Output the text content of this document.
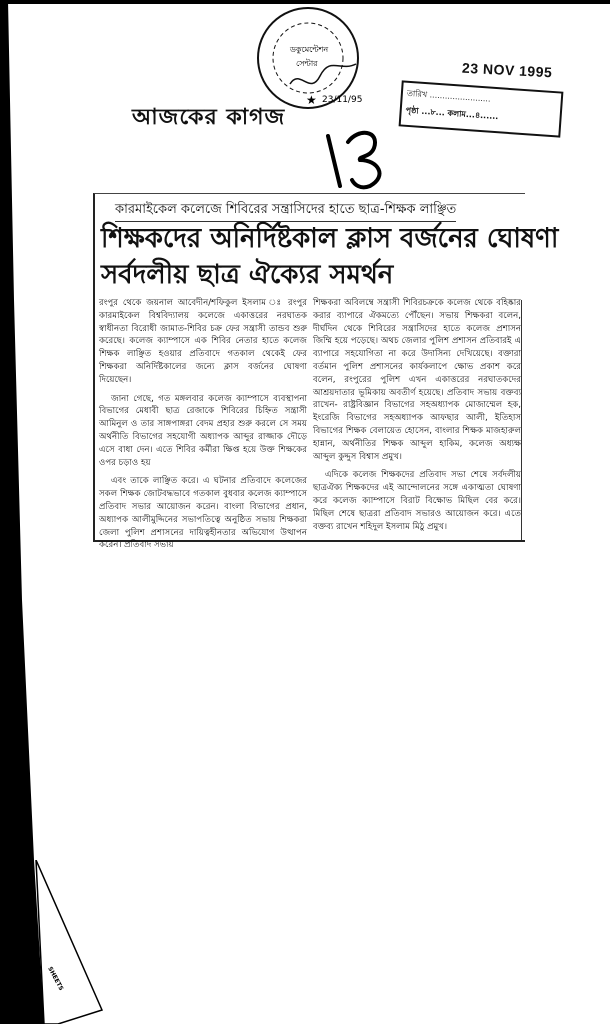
ডকুমেন্টেশন
সেন্টার
★ 23/11/95
23 NOV 1995
তারিখ ........................
পৃষ্ঠা ...৮... কলাম...৪......
আজকের কাগজ
কারমাইকেল কলেজে শিবিরের সন্ত্রাসিদের হাতে ছাত্র-শিক্ষক লাঞ্ছিত
শিক্ষকদের অনির্দিষ্টকাল ক্লাস বর্জনের ঘোষণা
সর্বদলীয় ছাত্র ঐক্যের সমর্থন

রংপুর থেকে জয়নাল আবেদীন/শফিকুল ইসলাম ঃ রংপুর কারমাইকেল বিশ্ববিদ্যালয় কলেজে একাত্তরের নরঘাতক স্বাধীনতা বিরোধী জামাত-শিবির চক্র ফের সন্ত্রাসী তান্ডব শুরু করেছে। কলেজ ক্যাম্পাসে এক শিবির নেতার হাতে কলেজ শিক্ষক লাঞ্ছিত হওয়ার প্রতিবাদে গতকাল থেকেই ফের শিক্ষকরা অনির্দিষ্টকালের জন্যে ক্লাস বর্জনের ঘোষণা দিয়েছেন।

জানা গেছে, গত মঙ্গলবার কলেজ ক্যাম্পাসে ব্যবস্থাপনা বিভাগের মেধাবী ছাত্র রেজাকে শিবিরের চিহ্নিত সন্ত্রাসী আমিনুল ও তার সাঙ্গপাঙ্গরা বেদম প্রহার শুরু করলে সে সময় অর্থনীতি বিভাগের সহযোগী অধ্যাপক আব্দুর রাজ্জাক দৌড়ে এসে বাধা দেন। এতে শিবির কর্মীরা ক্ষিপ্ত হয়ে উক্ত শিক্ষকের ওপর চড়াও হয়

এবং তাকে লাঞ্ছিত করে। এ ঘটনার প্রতিবাদে কলেজের সকল শিক্ষক জোটবদ্ধভাবে গতকাল বুধবার কলেজ ক্যাম্পাসে প্রতিবাদ সভার আয়োজন করেন। বাংলা বিভাগের প্রধান, অধ্যাপক আলীমুদ্দিনের সভাপতিত্বে অনুষ্ঠিত সভায় শিক্ষকরা জেলা পুলিশ প্রশাসনের দায়িত্বহীনতার অভিযোগ উত্থাপন করেন। প্রতিবাদ সভায়

শিক্ষকরা অবিলম্বে সন্ত্রাসী শিবিরচক্রকে কলেজ থেকে বহিষ্কার করার ব্যাপারে ঐকমত্যে পৌঁছেন। সভায় শিক্ষকরা বলেন, দীর্ঘদিন থেকে শিবিরের সন্ত্রাসিদের হাতে কলেজ প্রশাসন জিম্মি হয়ে পড়েছে। অথচ জেলার পুলিশ প্রশাসন প্রতিবারই এ ব্যাপারে সহযোগিতা না করে উদাসিন্য দেখিয়েছে। বক্তারা বর্তমান পুলিশ প্রশাসনের কার্যকলাপে ক্ষোভ প্রকাশ করে বলেন, রংপুরের পুলিশ এখন একাত্তরের নরঘাতকদের আশ্রয়দাতার ভূমিকায় অবতীর্ণ হয়েছে। প্রতিবাদ সভায় বক্তব্য রাখেন- রাষ্ট্রবিজ্ঞান বিভাগের সহঅধ্যাপক মোজাম্মেল হক, ইংরেজি বিভাগের সহঅধ্যাপক আফছার আলী, ইতিহাস বিভাগের শিক্ষক বেলায়েত হোসেন, বাংলার শিক্ষক মাজহারুল হান্নান, অর্থনীতির শিক্ষক আব্দুল হাকিম, কলেজ অধ্যক্ষ আব্দুল কুদ্দুস বিশ্বাস প্রমুখ।

এদিকে কলেজ শিক্ষকদের প্রতিবাদ সভা শেষে সর্বদলীয় ছাত্রঐক্য শিক্ষকদের এই আন্দোলনের সঙ্গে একাত্মতা ঘোষণা করে কলেজ ক্যাম্পাসে বিরাট বিক্ষোভ মিছিল বের করে। মিছিল শেষে ছাত্ররা প্রতিবাদ সভারও আয়োজন করে। এতে বক্তব্য রাখেন শহিদুল ইসলাম মিঠু প্রমুখ।

SHEETS
